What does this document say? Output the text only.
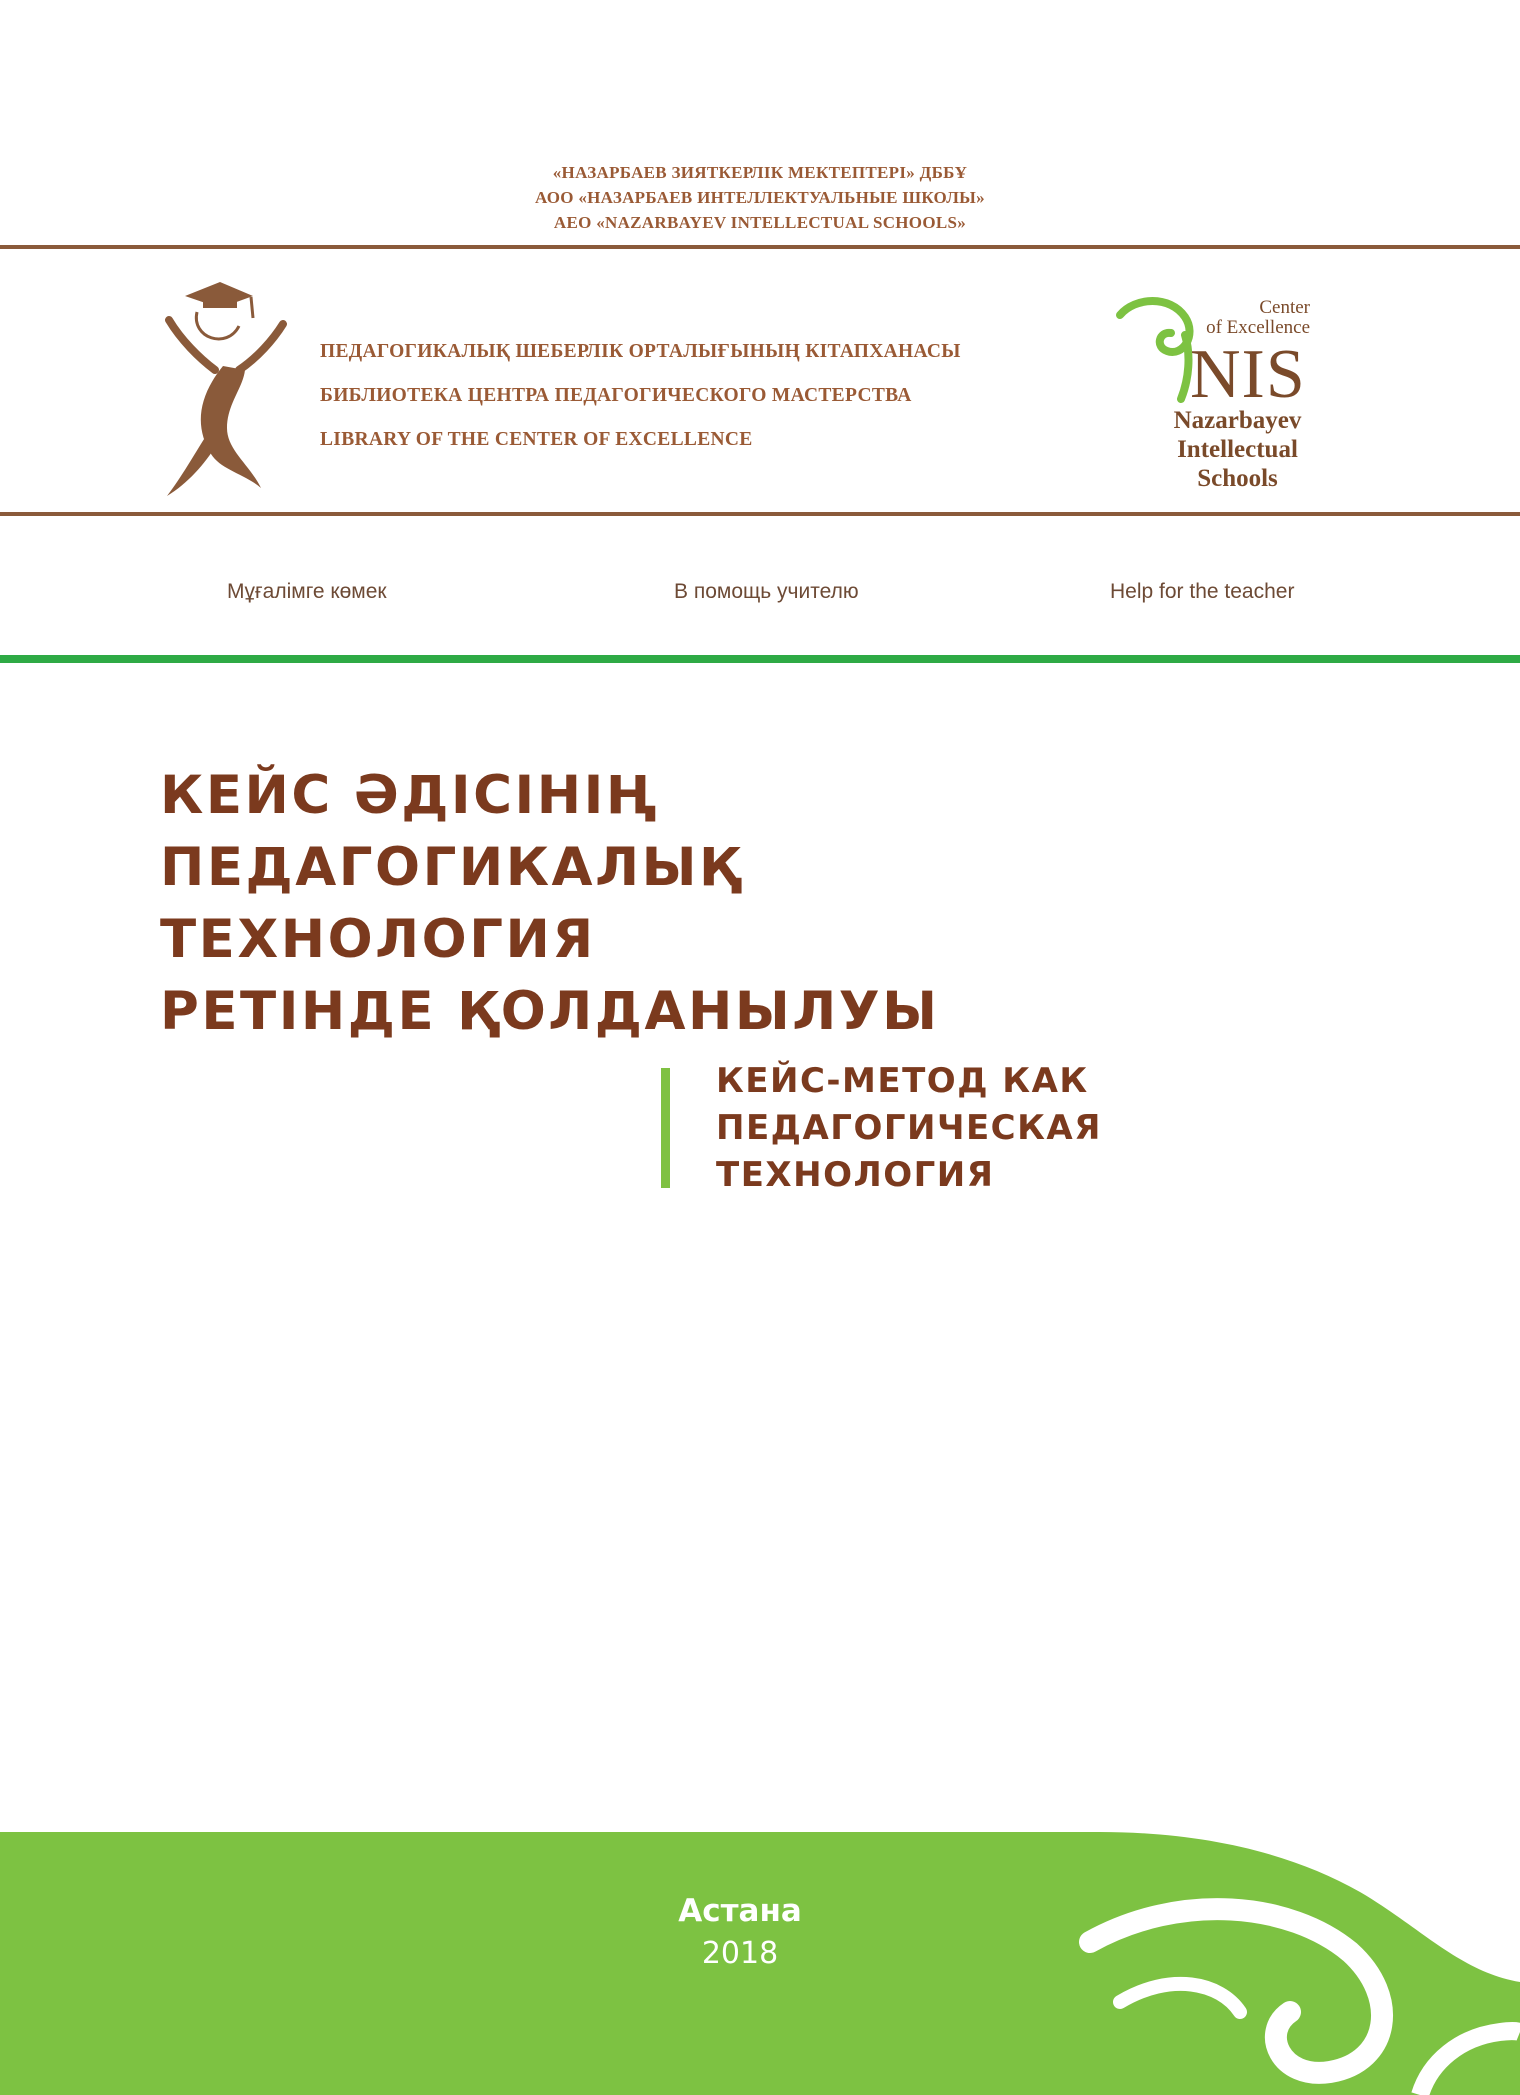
«НАЗАРБАЕВ ЗИЯТКЕРЛІК МЕКТЕПТЕРІ» ДББҰ
АОО «НАЗАРБАЕВ ИНТЕЛЛЕКТУАЛЬНЫЕ ШКОЛЫ»
AEO «NAZARBAYEV INTELLECTUAL SCHOOLS»
ПЕДАГОГИКАЛЫҚ ШЕБЕРЛІК ОРТАЛЫҒЫНЫҢ КІТАПХАНАСЫ
БИБЛИОТЕКА ЦЕНТРА ПЕДАГОГИЧЕСКОГО МАСТЕРСТВА
LIBRARY OF THE CENTER OF EXCELLENCE
Center
of Excellence
NIS
Nazarbayev
Intellectual
Schools
Мұғалімге көмек	В помощь учителю	Help for the teacher
КЕЙС ӘДІСІНІҢ
ПЕДАГОГИКАЛЫҚ
ТЕХНОЛОГИЯ
РЕТІНДЕ ҚОЛДАНЫЛУЫ
КЕЙС-МЕТОД КАК
ПЕДАГОГИЧЕСКАЯ
ТЕХНОЛОГИЯ
Астана
2018
